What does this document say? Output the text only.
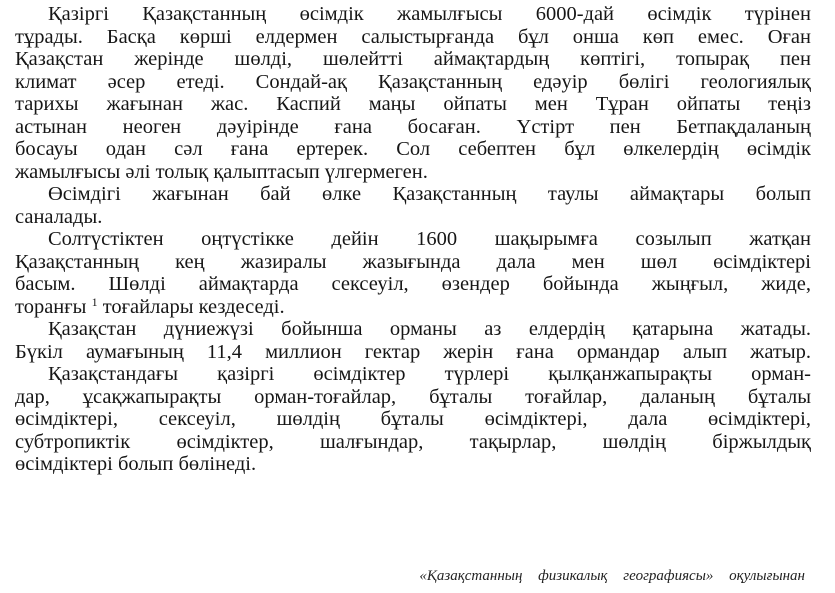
Қазіргі Қазақстанның өсімдік жамылғысы 6000-дай өсімдік түрінен
тұрады. Басқа көрші елдермен салыстырғанда бұл онша көп емес. Оған
Қазақстан жерінде шөлді, шөлейтті аймақтардың көптігі, топырақ пен
климат әсер етеді. Сондай-ақ Қазақстанның едәуір бөлігі геологиялық
тарихы жағынан жас. Каспий маңы ойпаты мен Тұран ойпаты теңіз
астынан неоген дәуірінде ғана босаған. Үстірт пен Бетпақдаланың
босауы одан сәл ғана ертерек. Сол себептен бұл өлкелердің өсімдік
жамылғысы әлі толық қалыптасып үлгермеген.
Өсімдігі жағынан бай өлке Қазақстанның таулы аймақтары болып
саналады.
Солтүстіктен оңтүстікке дейін 1600 шақырымға созылып жатқан
Қазақстанның кең жазиралы жазығында дала мен шөл өсімдіктері
басым. Шөлді аймақтарда сексеуіл, өзендер бойында жыңғыл, жиде,
торанғы $^1$ тоғайлары кездеседі.
Қазақстан дүниежүзі бойынша орманы аз елдердің қатарына жатады.
Бүкіл аумағының 11,4 миллион гектар жерін ғана ормандар алып жатыр.
Қазақстандағы қазіргі өсімдіктер түрлері қылқанжапырақты орман-
дар, ұсақжапырақты орман-тоғайлар, бұталы тоғайлар, даланың бұталы
өсімдіктері, сексеуіл, шөлдің бұталы өсімдіктері, дала өсімдіктері,
субтропиктік өсімдіктер, шалғындар, тақырлар, шөлдің біржылдық
өсімдіктері болып бөлінеді.
«Қазақстанның физикалық географиясы» оқулығынан
